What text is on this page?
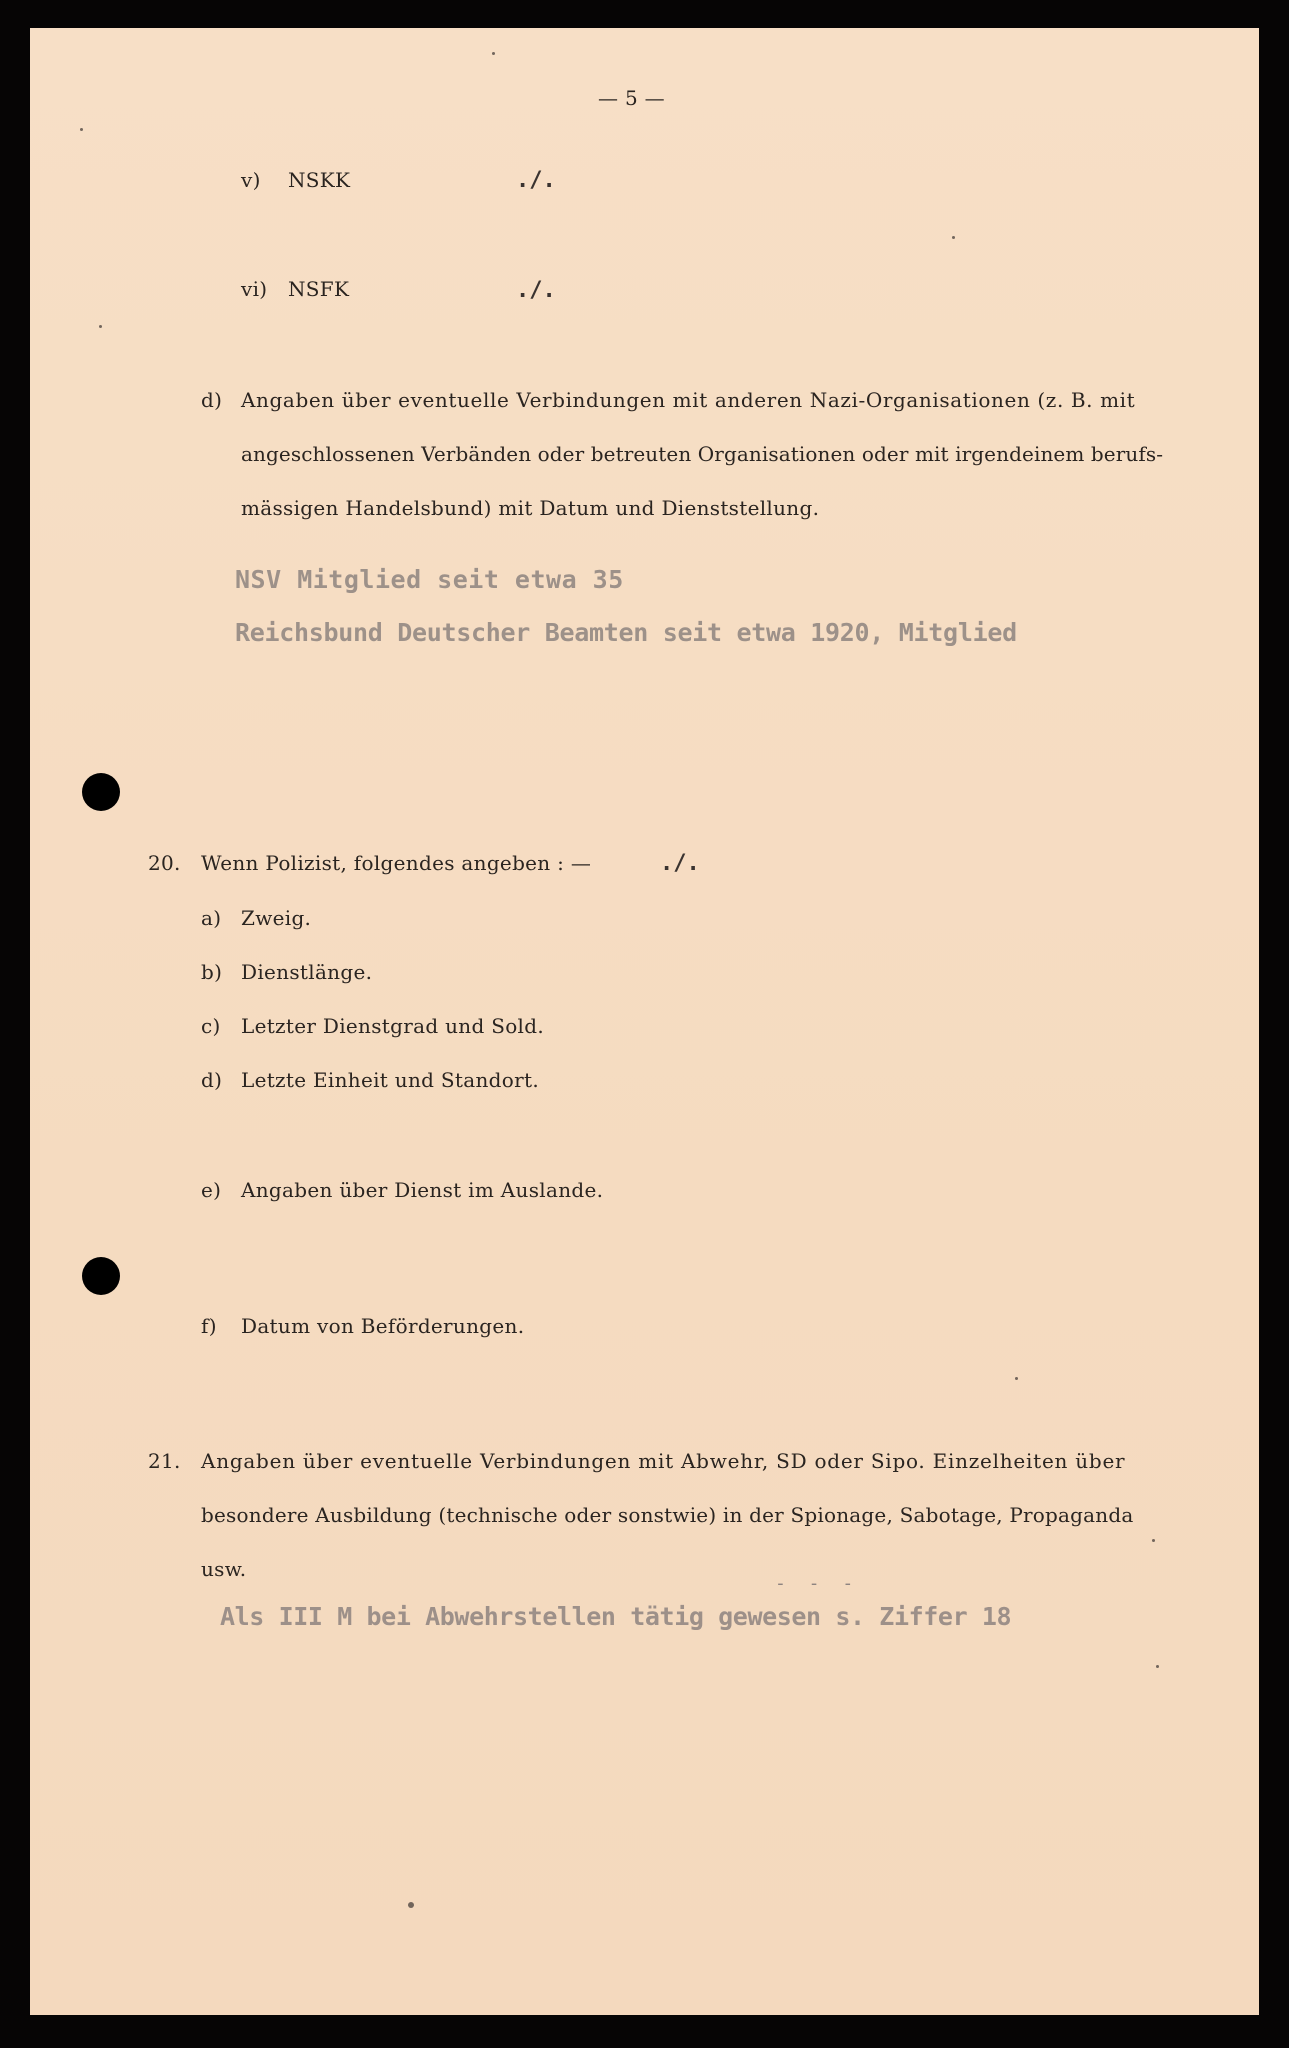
— 5 —
v) NSKK	./.
vi) NSFK	./.
d) Angaben über eventuelle Verbindungen mit anderen Nazi-Organisationen (z. B. mit
angeschlossenen Verbänden oder betreuten Organisationen oder mit irgendeinem berufs-
mässigen Handelsbund) mit Datum und Dienststellung.
NSV Mitglied seit etwa 35
Reichsbund Deutscher Beamten seit etwa 1920, Mitglied
20. Wenn Polizist, folgendes angeben : —	./.
a) Zweig.
b) Dienstlänge.
c) Letzter Dienstgrad und Sold.
d) Letzte Einheit und Standort.
e) Angaben über Dienst im Auslande.
f) Datum von Beförderungen.
21. Angaben über eventuelle Verbindungen mit Abwehr, SD oder Sipo. Einzelheiten über
besondere Ausbildung (technische oder sonstwie) in der Spionage, Sabotage, Propaganda
usw.
- - -
Als III M bei Abwehrstellen tätig gewesen s. Ziffer 18
